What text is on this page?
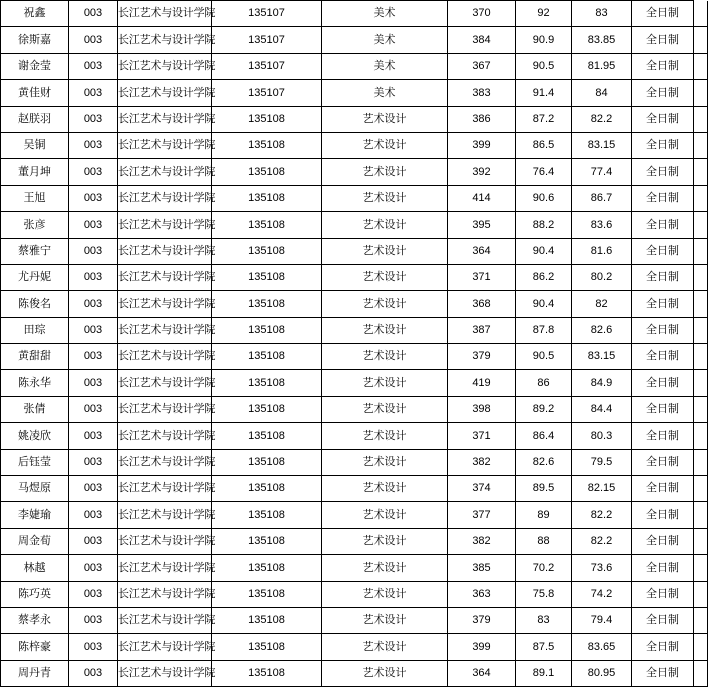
祝鑫	003	长江艺术与设计学院	135107	美术	370	92	83	全日制	
徐斯嘉	003	长江艺术与设计学院	135107	美术	384	90.9	83.85	全日制	
谢金莹	003	长江艺术与设计学院	135107	美术	367	90.5	81.95	全日制	
黄佳财	003	长江艺术与设计学院	135107	美术	383	91.4	84	全日制	
赵朕羽	003	长江艺术与设计学院	135108	艺术设计	386	87.2	82.2	全日制	
吴铜	003	长江艺术与设计学院	135108	艺术设计	399	86.5	83.15	全日制	
董月坤	003	长江艺术与设计学院	135108	艺术设计	392	76.4	77.4	全日制	
王旭	003	长江艺术与设计学院	135108	艺术设计	414	90.6	86.7	全日制	
张彦	003	长江艺术与设计学院	135108	艺术设计	395	88.2	83.6	全日制	
蔡雅宁	003	长江艺术与设计学院	135108	艺术设计	364	90.4	81.6	全日制	
尤丹妮	003	长江艺术与设计学院	135108	艺术设计	371	86.2	80.2	全日制	
陈俊名	003	长江艺术与设计学院	135108	艺术设计	368	90.4	82	全日制	
田琮	003	长江艺术与设计学院	135108	艺术设计	387	87.8	82.6	全日制	
黄甜甜	003	长江艺术与设计学院	135108	艺术设计	379	90.5	83.15	全日制	
陈永华	003	长江艺术与设计学院	135108	艺术设计	419	86	84.9	全日制	
张倩	003	长江艺术与设计学院	135108	艺术设计	398	89.2	84.4	全日制	
姚凌欣	003	长江艺术与设计学院	135108	艺术设计	371	86.4	80.3	全日制	
后钰莹	003	长江艺术与设计学院	135108	艺术设计	382	82.6	79.5	全日制	
马煜原	003	长江艺术与设计学院	135108	艺术设计	374	89.5	82.15	全日制	
李婕瑜	003	长江艺术与设计学院	135108	艺术设计	377	89	82.2	全日制	
周金荀	003	长江艺术与设计学院	135108	艺术设计	382	88	82.2	全日制	
林越	003	长江艺术与设计学院	135108	艺术设计	385	70.2	73.6	全日制	
陈巧英	003	长江艺术与设计学院	135108	艺术设计	363	75.8	74.2	全日制	
蔡孝永	003	长江艺术与设计学院	135108	艺术设计	379	83	79.4	全日制	
陈梓豪	003	长江艺术与设计学院	135108	艺术设计	399	87.5	83.65	全日制	
周丹青	003	长江艺术与设计学院	135108	艺术设计	364	89.1	80.95	全日制	
